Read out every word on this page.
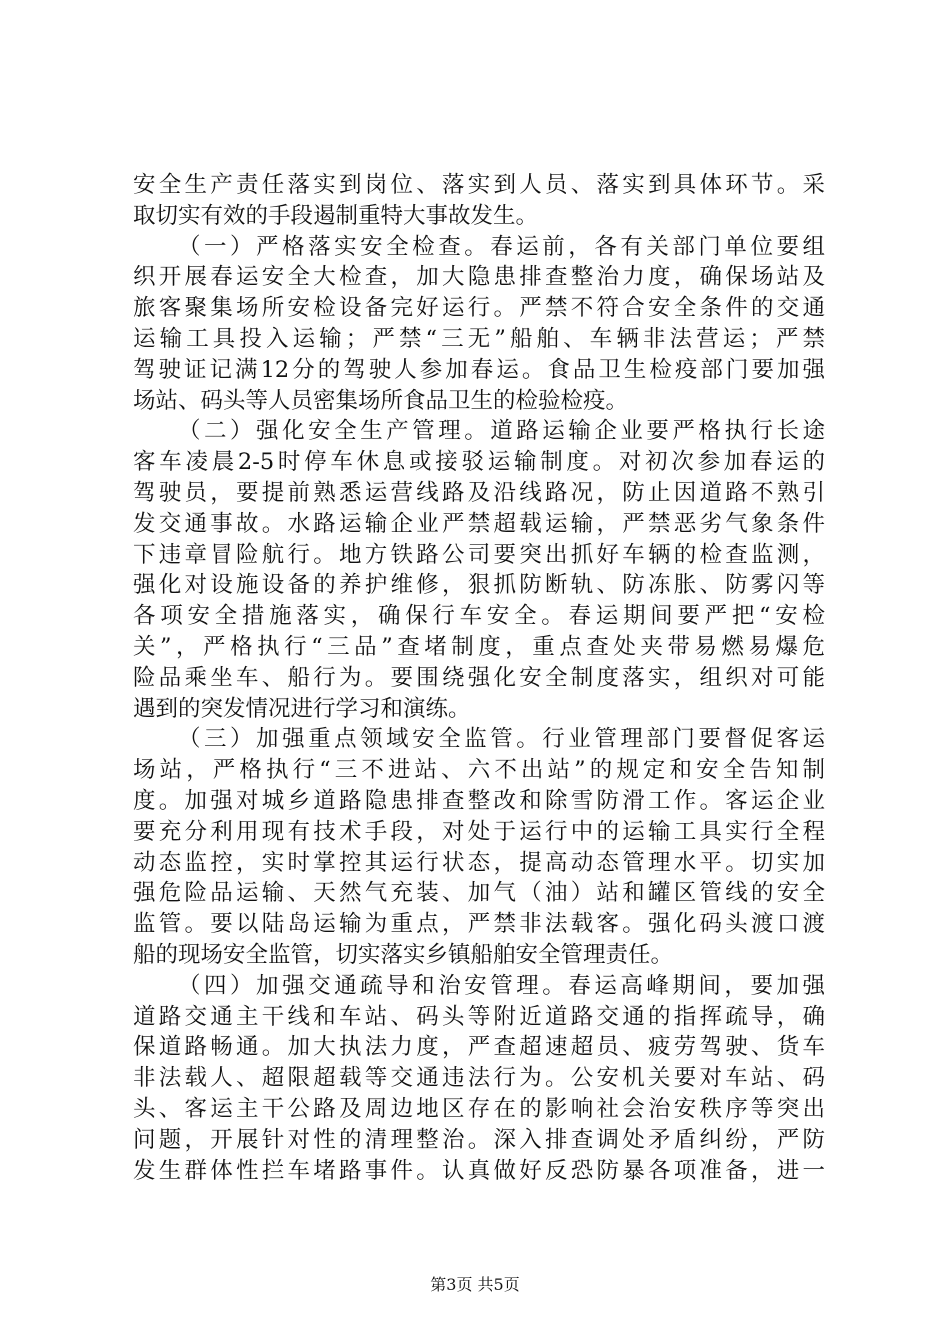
安全生产责任落实到岗位、落实到人员、落实到具体环节。采
取切实有效的手段遏制重特大事故发生。
（一）严格落实安全检查。春运前，各有关部门单位要组
织开展春运安全大检查，加大隐患排查整治力度，确保场站及
旅客聚集场所安检设备完好运行。严禁不符合安全条件的交通
运输工具投入运输；严禁“三无”船舶、车辆非法营运；严禁
驾驶证记满12分的驾驶人参加春运。食品卫生检疫部门要加强
场站、码头等人员密集场所食品卫生的检验检疫。
（二）强化安全生产管理。道路运输企业要严格执行长途
客车凌晨2-5时停车休息或接驳运输制度。对初次参加春运的
驾驶员，要提前熟悉运营线路及沿线路况，防止因道路不熟引
发交通事故。水路运输企业严禁超载运输，严禁恶劣气象条件
下违章冒险航行。地方铁路公司要突出抓好车辆的检查监测，
强化对设施设备的养护维修，狠抓防断轨、防冻胀、防雾闪等
各项安全措施落实，确保行车安全。春运期间要严把“安检
关”，严格执行“三品”查堵制度，重点查处夹带易燃易爆危
险品乘坐车、船行为。要围绕强化安全制度落实，组织对可能
遇到的突发情况进行学习和演练。
（三）加强重点领域安全监管。行业管理部门要督促客运
场站，严格执行“三不进站、六不出站”的规定和安全告知制
度。加强对城乡道路隐患排查整改和除雪防滑工作。客运企业
要充分利用现有技术手段，对处于运行中的运输工具实行全程
动态监控，实时掌控其运行状态，提高动态管理水平。切实加
强危险品运输、天然气充装、加气（油）站和罐区管线的安全
监管。要以陆岛运输为重点，严禁非法载客。强化码头渡口渡
船的现场安全监管，切实落实乡镇船舶安全管理责任。
（四）加强交通疏导和治安管理。春运高峰期间，要加强
道路交通主干线和车站、码头等附近道路交通的指挥疏导，确
保道路畅通。加大执法力度，严查超速超员、疲劳驾驶、货车
非法载人、超限超载等交通违法行为。公安机关要对车站、码
头、客运主干公路及周边地区存在的影响社会治安秩序等突出
问题，开展针对性的清理整治。深入排查调处矛盾纠纷，严防
发生群体性拦车堵路事件。认真做好反恐防暴各项准备，进一
第3页 共5页
